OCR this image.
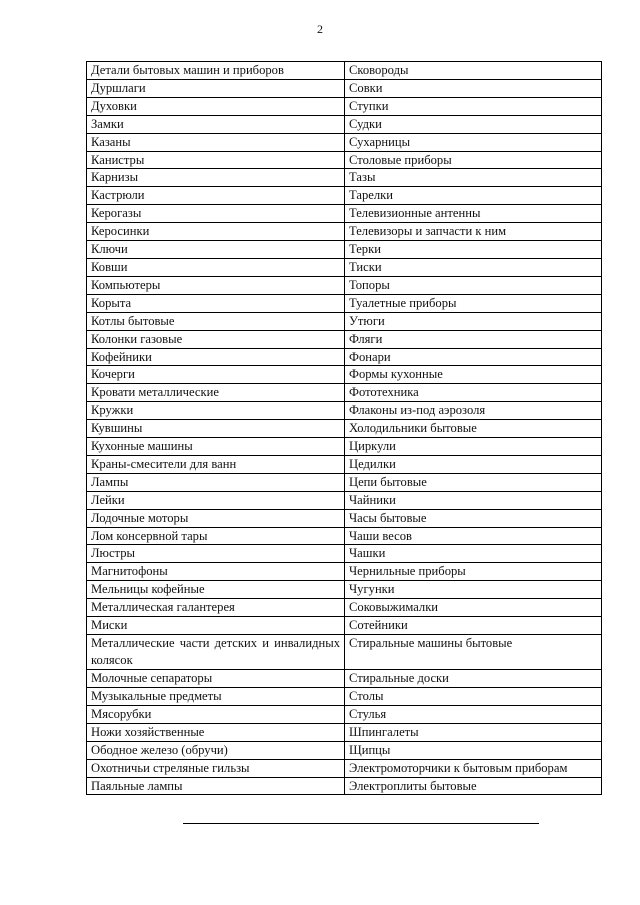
2
Детали бытовых машин и приборов	Сковороды
Дуршлаги	Совки
Духовки	Ступки
Замки	Судки
Казаны	Сухарницы
Канистры	Столовые приборы
Карнизы	Тазы
Кастрюли	Тарелки
Керогазы	Телевизионные антенны
Керосинки	Телевизоры и запчасти к ним
Ключи	Терки
Ковши	Тиски
Компьютеры	Топоры
Корыта	Туалетные приборы
Котлы бытовые	Утюги
Колонки газовые	Фляги
Кофейники	Фонари
Кочерги	Формы кухонные
Кровати металлические	Фототехника
Кружки	Флаконы из-под аэрозоля
Кувшины	Холодильники бытовые
Кухонные машины	Циркули
Краны-смесители для ванн	Цедилки
Лампы	Цепи бытовые
Лейки	Чайники
Лодочные моторы	Часы бытовые
Лом консервной тары	Чаши весов
Люстры	Чашки
Магнитофоны	Чернильные приборы
Мельницы кофейные	Чугунки
Металлическая галантерея	Соковыжималки
Миски	Сотейники
Металлические части детских и инвалидных колясок	Стиральные машины бытовые
Молочные сепараторы	Стиральные доски
Музыкальные предметы	Столы
Мясорубки	Стулья
Ножи хозяйственные	Шпингалеты
Ободное железо (обручи)	Щипцы
Охотничьи стреляные гильзы	Электромоторчики к бытовым приборам
Паяльные лампы	Электроплиты бытовые
